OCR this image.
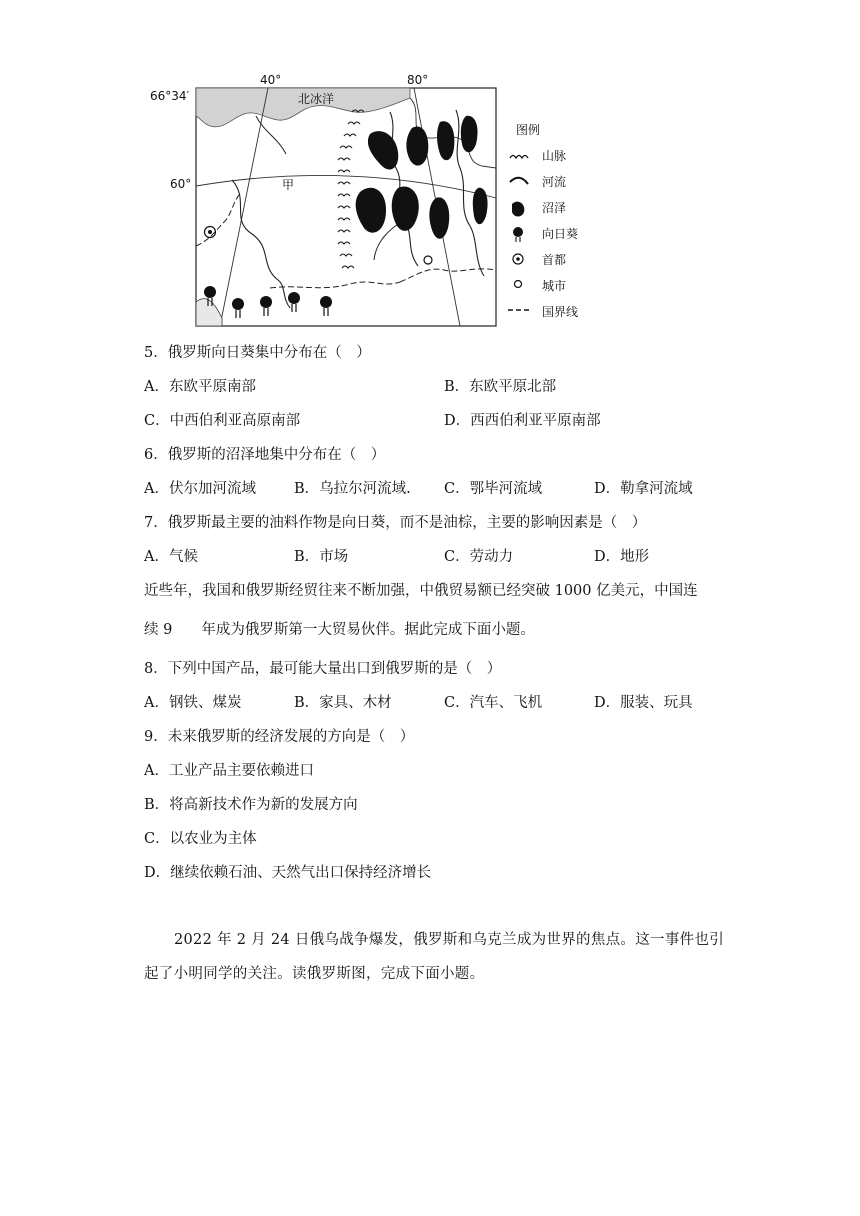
40°	80°
66°34′
60°
北冰洋
甲
图例
山脉
河流
沼泽
向日葵
首都
城市
国界线
5．俄罗斯向日葵集中分布在（　）
A．东欧平原南部	B．东欧平原北部
C．中西伯利亚高原南部	D．西西伯利亚平原南部
6．俄罗斯的沼泽地集中分布在（　）
A．伏尔加河流域	B．乌拉尔河流域. C．鄂毕河流域	D．勒拿河流域
7．俄罗斯最主要的油料作物是向日葵，而不是油棕，主要的影响因素是（　）
A．气候	B．市场	C．劳动力	D．地形
近些年，我国和俄罗斯经贸往来不断加强，中俄贸易额已经突破 1000 亿美元，中国连
续 9　　年成为俄罗斯第一大贸易伙伴。据此完成下面小题。
8．下列中国产品，最可能大量出口到俄罗斯的是（　）
A．钢铁、煤炭	B．家具、木材	C．汽车、飞机	D．服装、玩具
9．未来俄罗斯的经济发展的方向是（　）
A．工业产品主要依赖进口
B．将高新技术作为新的发展方向
C．以农业为主体
D．继续依赖石油、天然气出口保持经济增长
2022 年 2 月 24 日俄乌战争爆发，俄罗斯和乌克兰成为世界的焦点。这一事件也引
起了小明同学的关注。读俄罗斯图，完成下面小题。
